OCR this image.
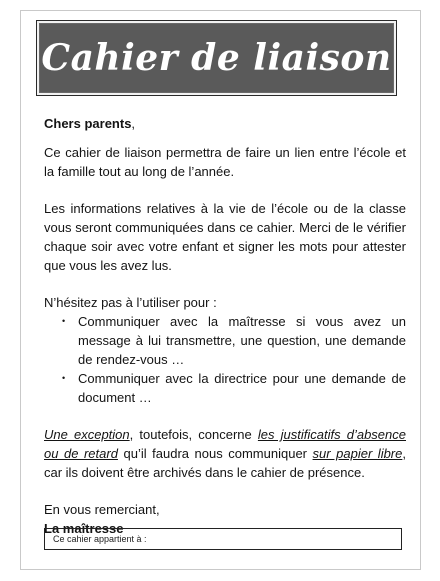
Cahier de liaison

Chers parents,

Ce cahier de liaison permettra de faire un lien entre l’école et la famille tout au long de l’année.

Les informations relatives à la vie de l’école ou de la classe vous seront communiquées dans ce cahier. Merci de le vérifier chaque soir avec votre enfant et signer les mots pour attester que vous les avez lus.

N’hésitez pas à l’utiliser pour :

• Communiquer avec la maîtresse si vous avez un message à lui transmettre, une question, une demande de rendez-vous …
• Communiquer avec la directrice pour une demande de document …

Une exception, toutefois, concerne les justificatifs d’absence ou de retard qu’il faudra nous communiquer sur papier libre, car ils doivent être archivés dans le cahier de présence.

En vous remerciant,

La maîtresse

Ce cahier appartient à :
